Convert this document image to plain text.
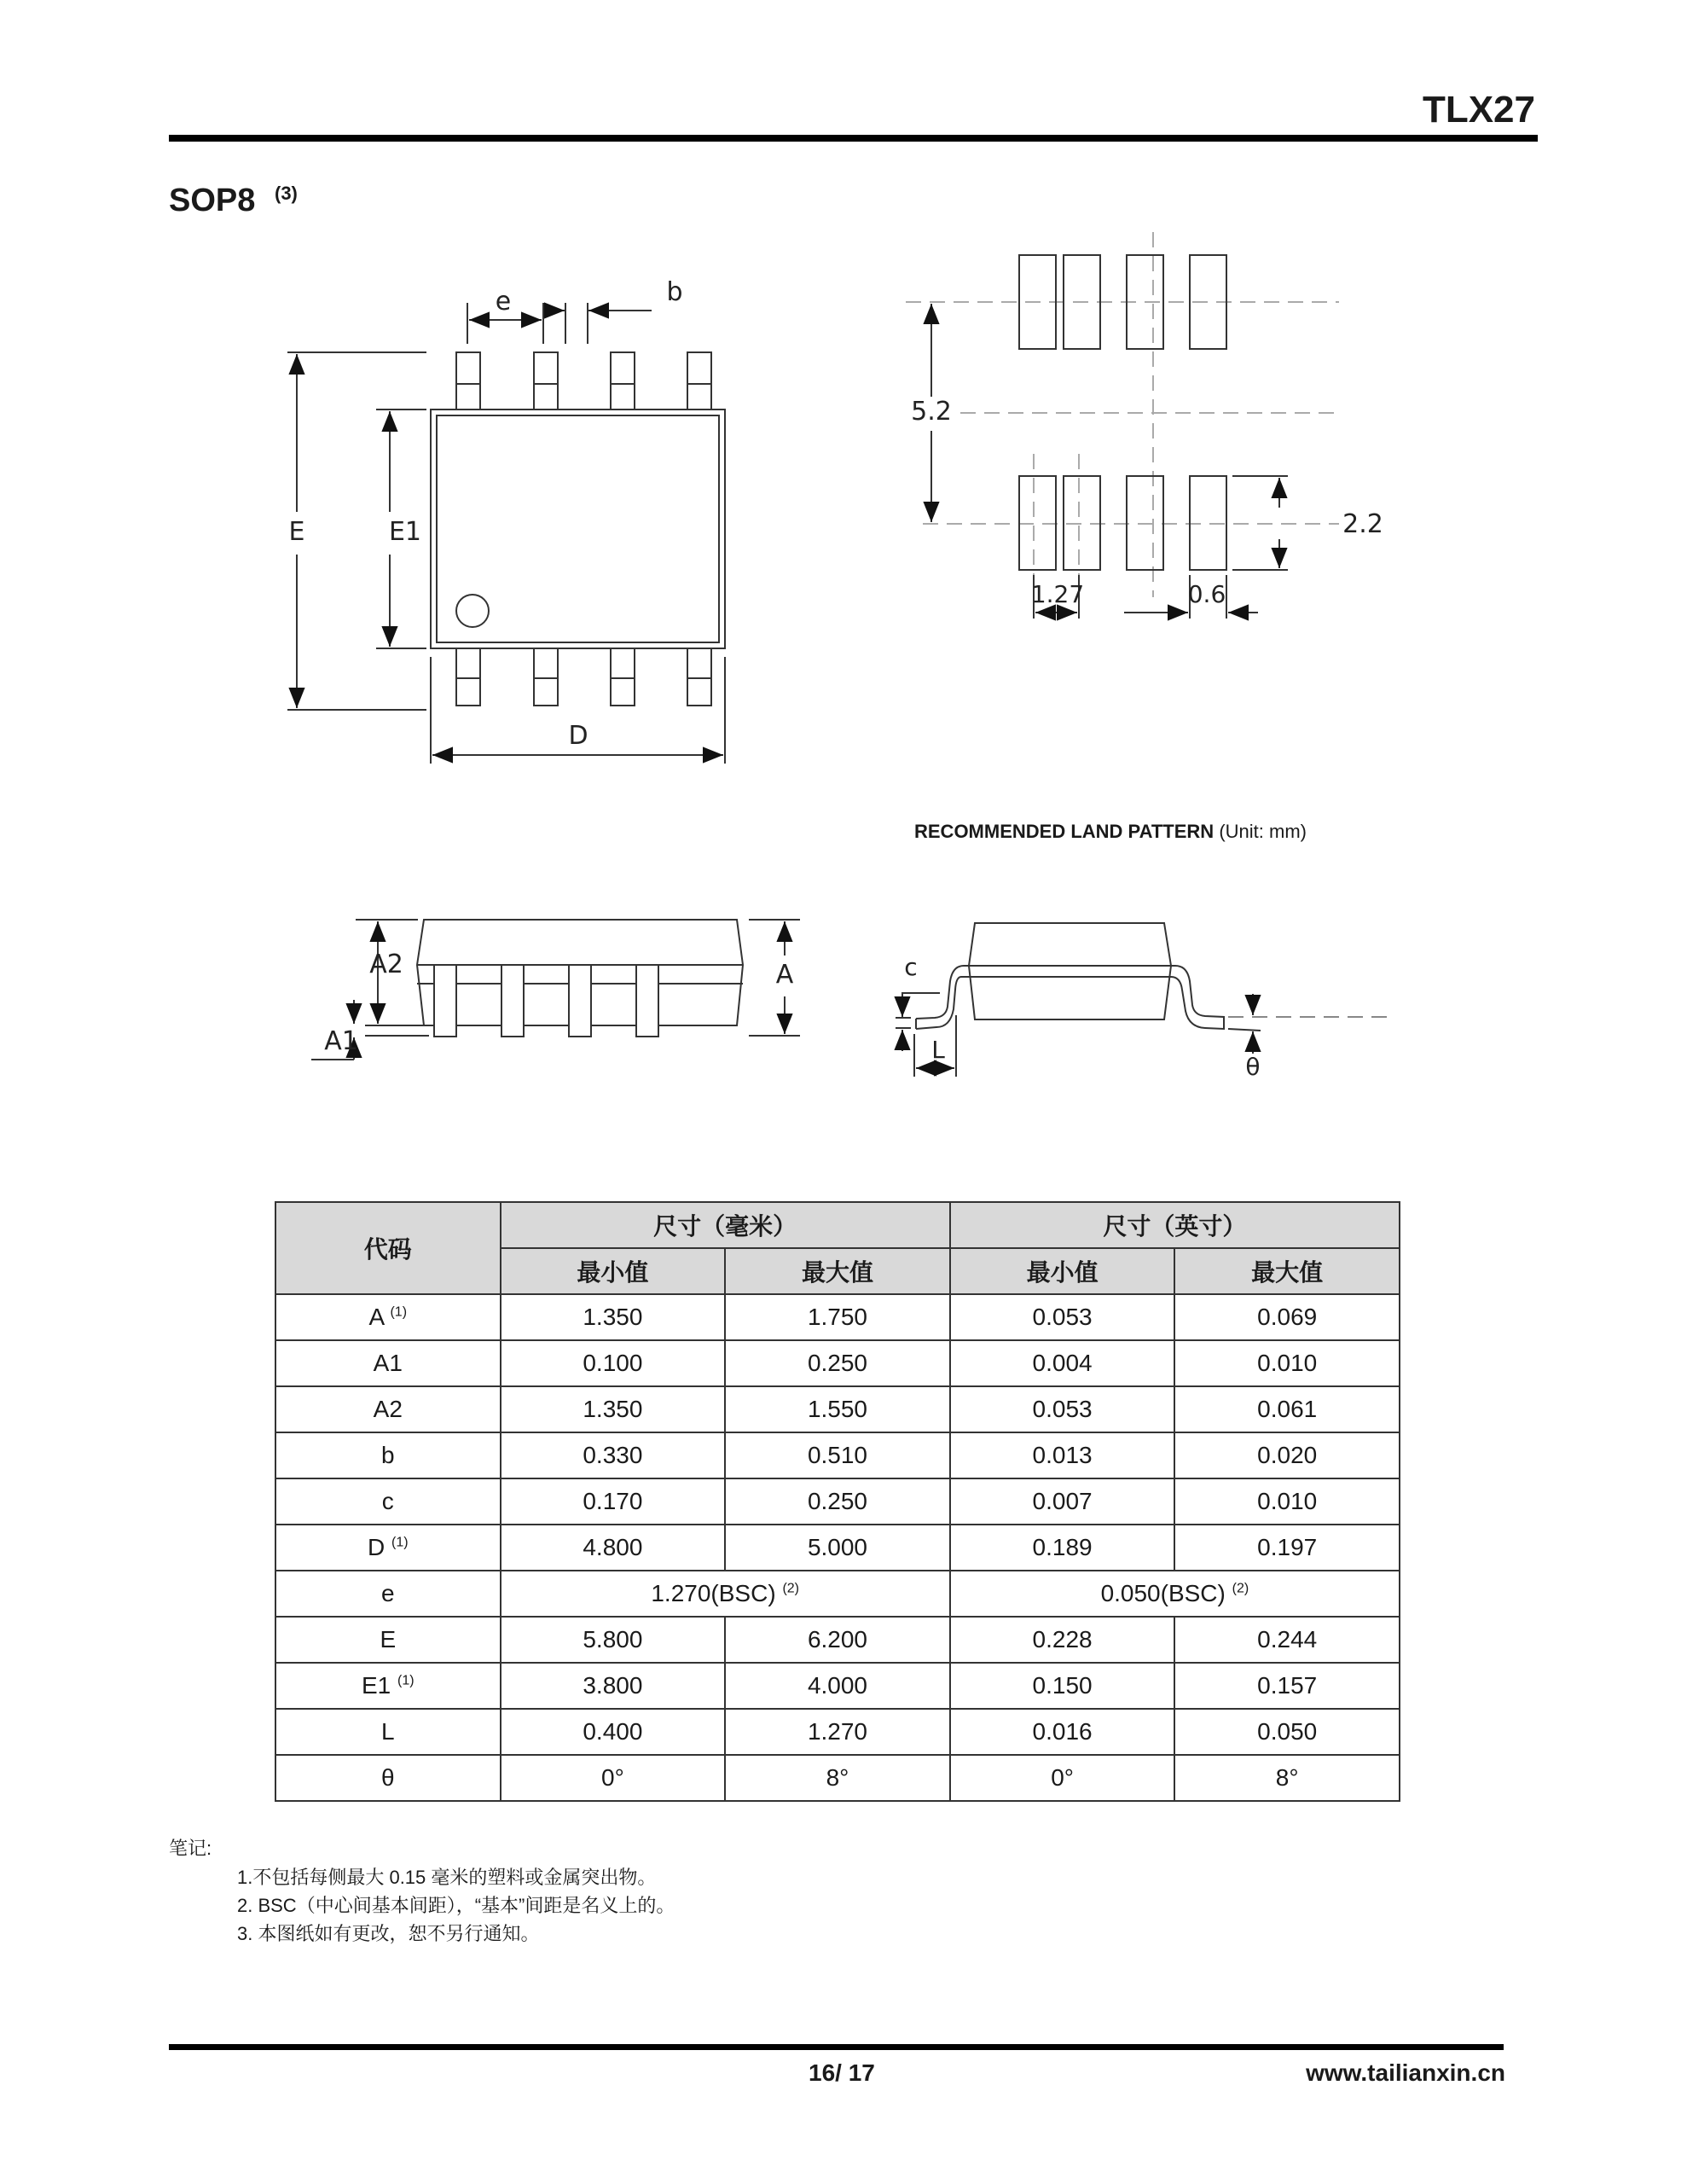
TLX27
SOP8 (3)
e	b
E	E1
D
5.2
2.2
1.27	0.6
A2
A1
A	c
L
θ
RECOMMENDED LAND PATTERN (Unit: mm)
代码	尺寸（毫米）		尺寸（英寸）	
	最小值	最大值	最小值	最大值
A $^{(1)}$	1.350	1.750	0.053	0.069
A1	0.100	0.250	0.004	0.010
A2	1.350	1.550	0.053	0.061
b	0.330	0.510	0.013	0.020
c	0.170	0.250	0.007	0.010
D $^{(1)}$	4.800	5.000	0.189	0.197
e	1.270(BSC) $^{(2)}$		0.050(BSC) $^{(2)}$
E	5.800	6.200	0.228	0.244
E1 $^{(1)}$	3.800	4.000	0.150	0.157
L	0.400	1.270	0.016	0.050
θ	0°	8°	0°	8°
笔记:
1.不包括每侧最大 0.15 毫米的塑料或金属突出物。
2. BSC（中心间基本间距），“基本”间距是名义上的。
3. 本图纸如有更改，恕不另行通知。
16/ 17	www.tailianxin.cn
